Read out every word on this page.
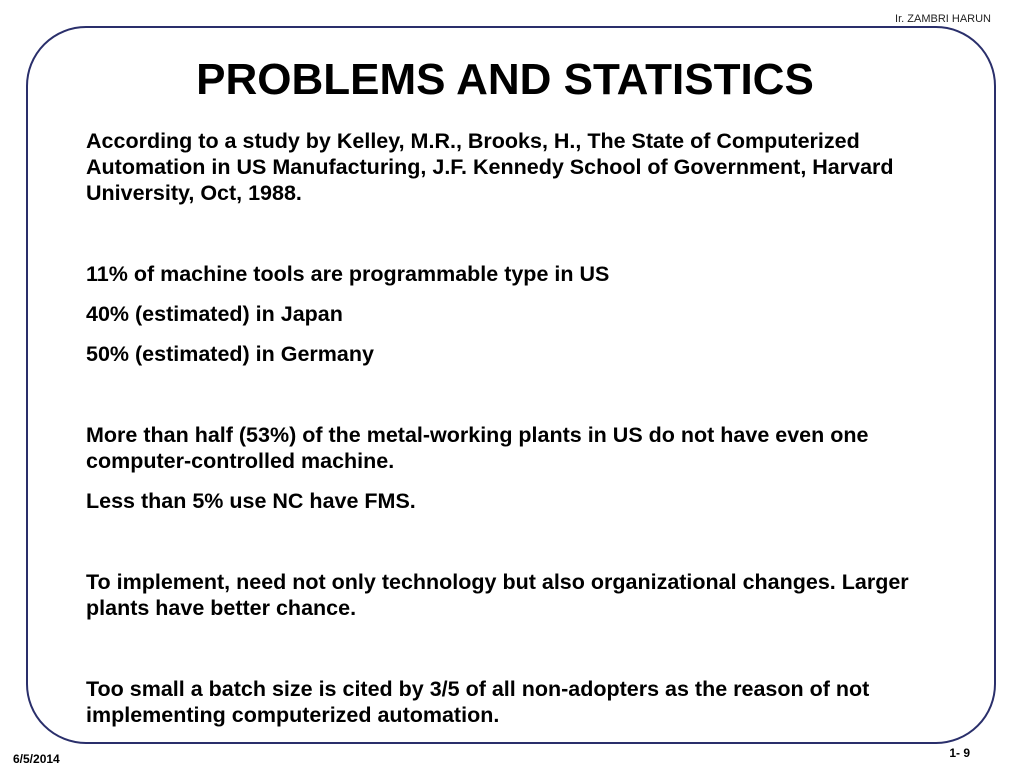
Ir. ZAMBRI HARUN
PROBLEMS AND STATISTICS

According to a study by Kelley, M.R., Brooks, H., The State of Computerized Automation in US Manufacturing, J.F. Kennedy School of Government, Harvard University, Oct, 1988.

11% of machine tools are programmable type in US

40% (estimated) in Japan

50% (estimated) in Germany

More than half (53%) of the metal-working plants in US do not have even one computer-controlled machine.

Less than 5% use NC have FMS.

To implement, need not only technology but also organizational changes. Larger plants have better chance.

Too small a batch size is cited by 3/5 of all non-adopters as the reason of not implementing computerized automation.

6/5/2014	1- 9
